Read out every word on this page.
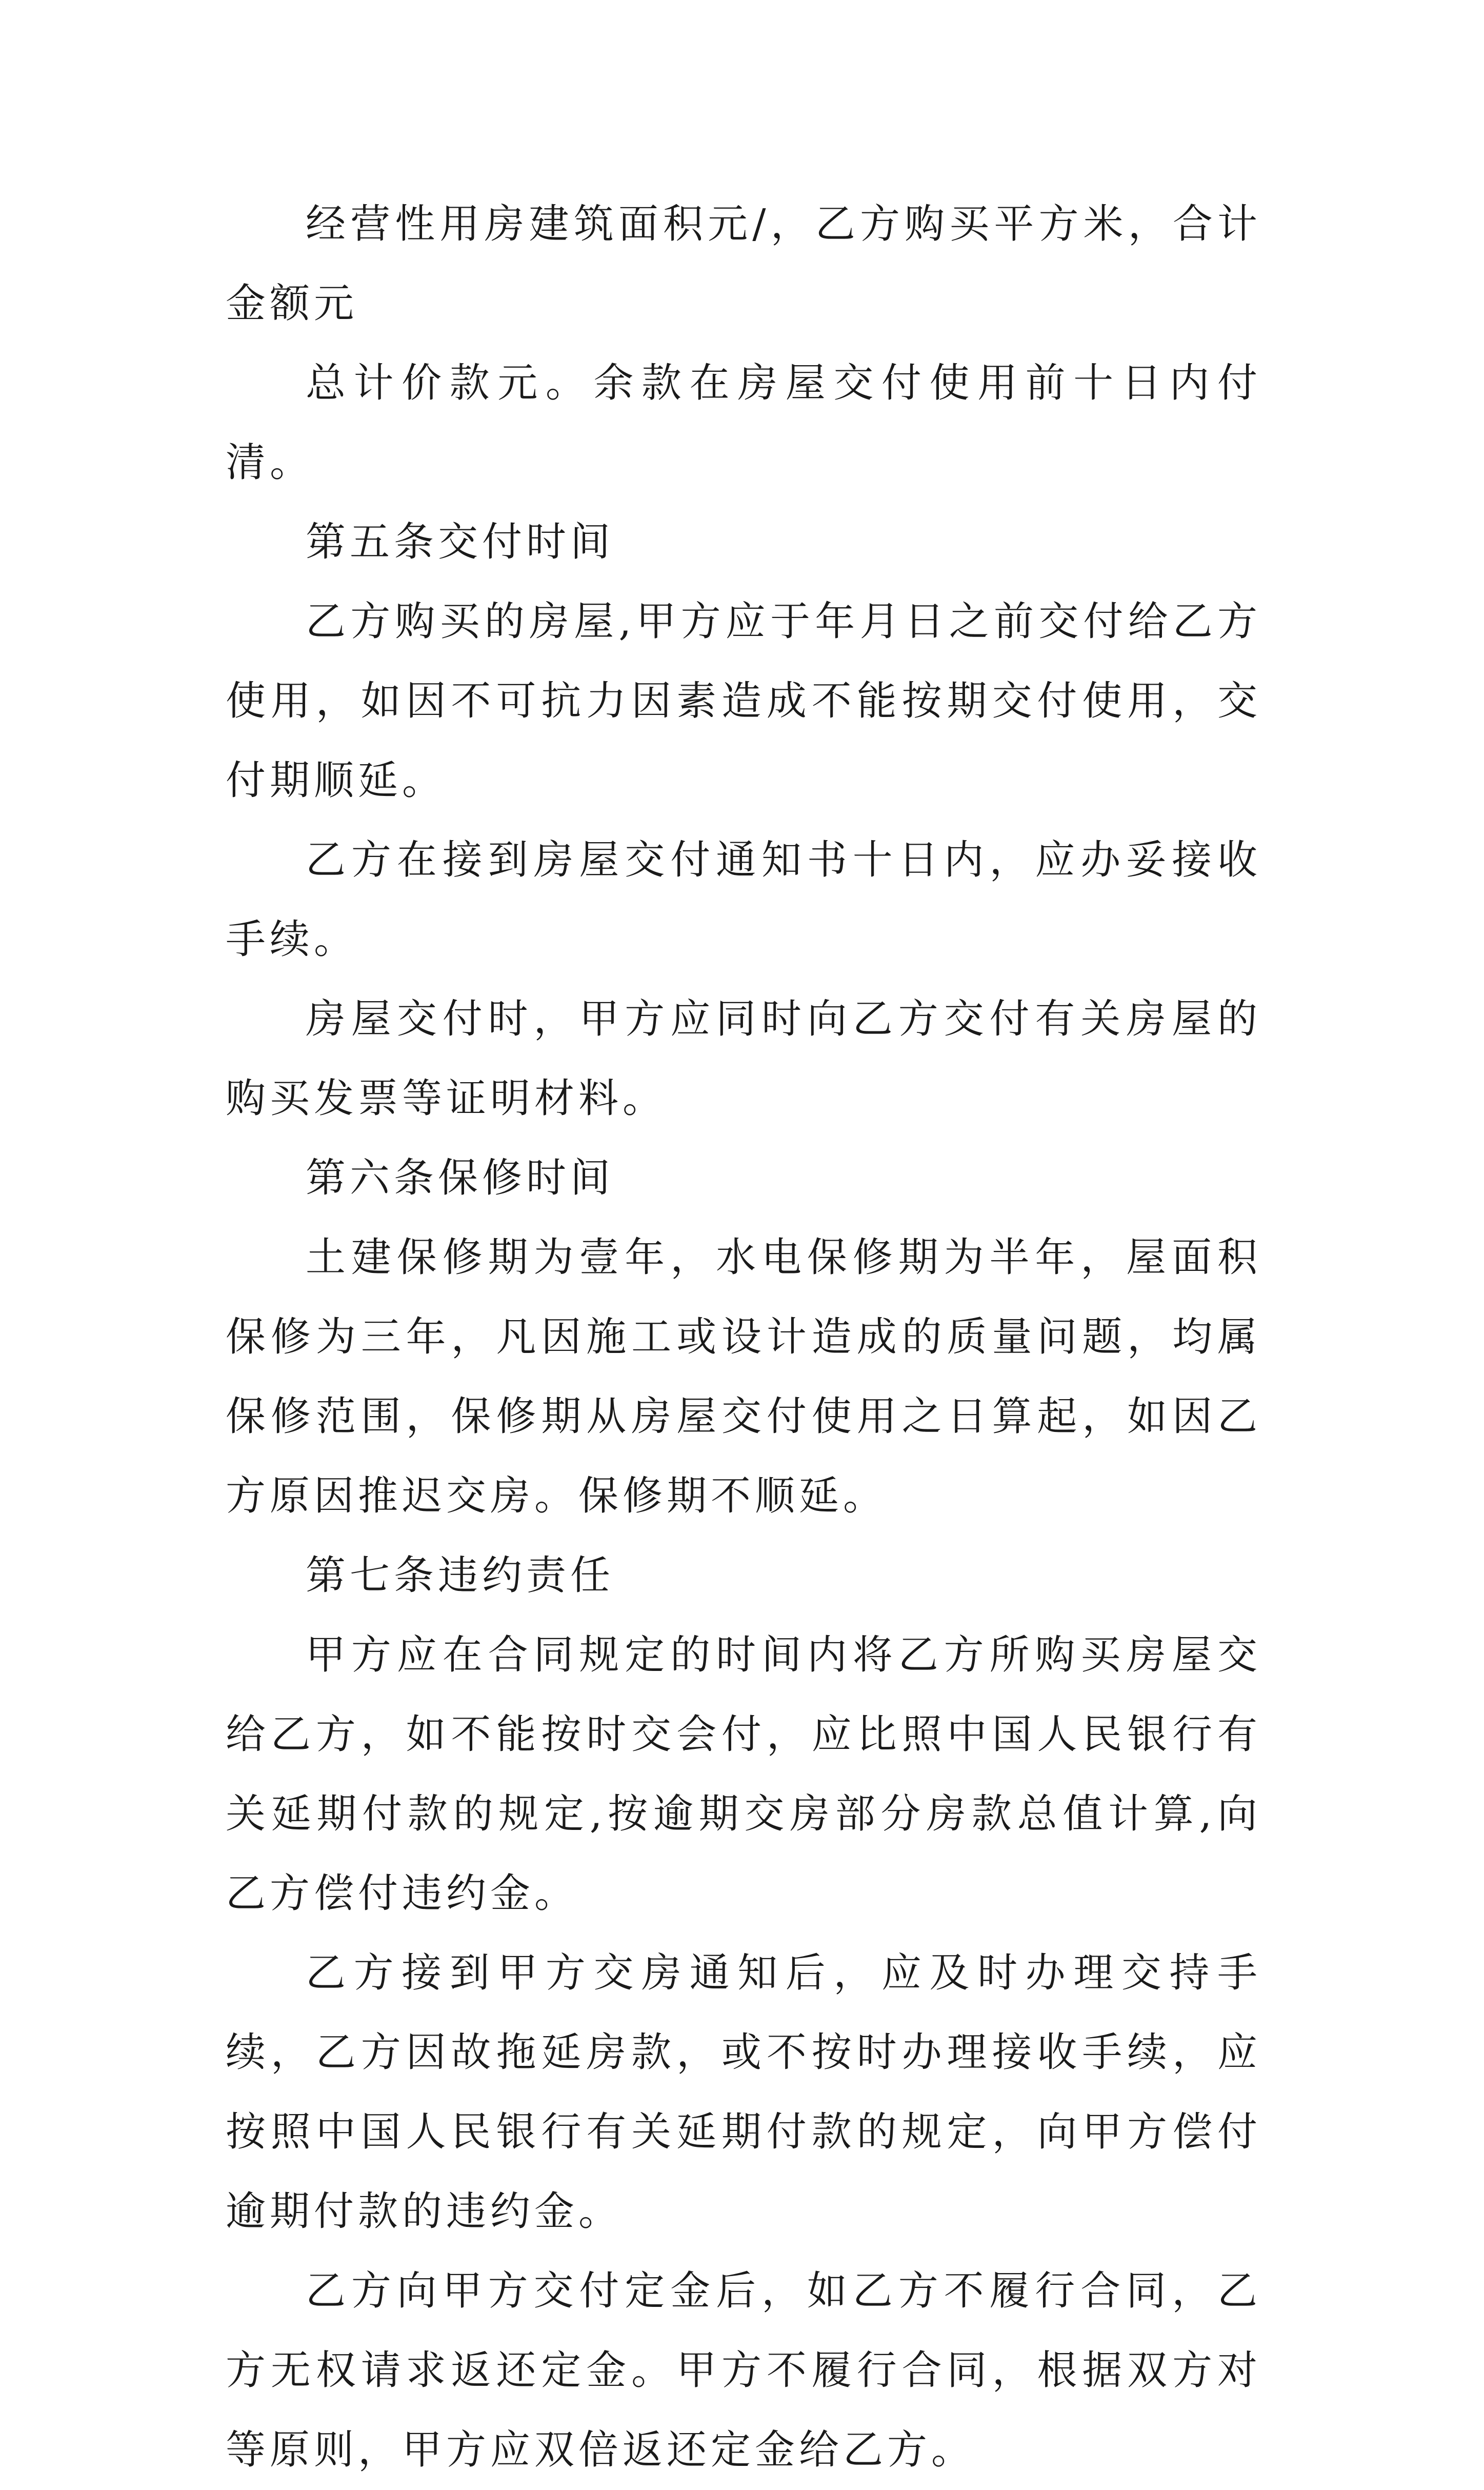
经营性用房建筑面积元/，乙方购买平方米，合计金额元

总计价款元。余款在房屋交付使用前十日内付清。

第五条交付时间

乙方购买的房屋,甲方应于年月日之前交付给乙方使用，如因不可抗力因素造成不能按期交付使用，交付期顺延。

乙方在接到房屋交付通知书十日内，应办妥接收手续。

房屋交付时，甲方应同时向乙方交付有关房屋的购买发票等证明材料。

第六条保修时间

土建保修期为壹年，水电保修期为半年，屋面积保修为三年，凡因施工或设计造成的质量问题，均属保修范围，保修期从房屋交付使用之日算起，如因乙方原因推迟交房。保修期不顺延。

第七条违约责任

甲方应在合同规定的时间内将乙方所购买房屋交给乙方，如不能按时交会付，应比照中国人民银行有关延期付款的规定,按逾期交房部分房款总值计算,向乙方偿付违约金。

乙方接到甲方交房通知后，应及时办理交持手续，乙方因故拖延房款，或不按时办理接收手续，应按照中国人民银行有关延期付款的规定，向甲方偿付逾期付款的违约金。

乙方向甲方交付定金后，如乙方不履行合同，乙方无权请求返还定金。甲方不履行合同，根据双方对等原则，甲方应双倍返还定金给乙方。
